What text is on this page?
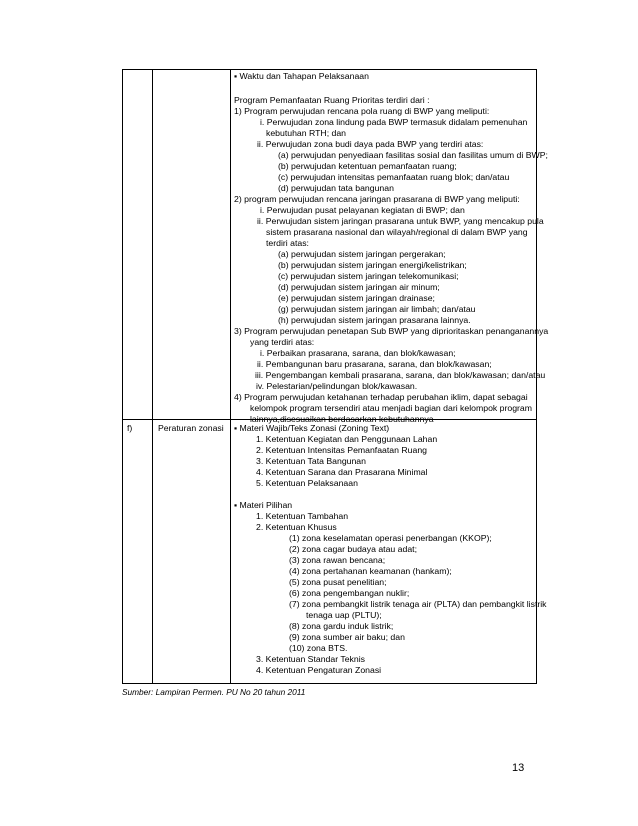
▪ Waktu dan Tahapan Pelaksanaan
Program Pemanfaatan Ruang Prioritas terdiri dari :
1) Program perwujudan rencana pola ruang di BWP yang meliputi:
i. Perwujudan zona lindung pada BWP termasuk didalam pemenuhan
kebutuhan RTH; dan
ii. Perwujudan zona budi daya pada BWP yang terdiri atas:
(a) perwujudan penyediaan fasilitas sosial dan fasilitas umum di BWP;
(b) perwujudan ketentuan pemanfaatan ruang;
(c) perwujudan intensitas pemanfaatan ruang blok; dan/atau
(d) perwujudan tata bangunan
2) program perwujudan rencana jaringan prasarana di BWP yang meliputi:
i. Perwujudan pusat pelayanan kegiatan di BWP; dan
ii. Perwujudan sistem jaringan prasarana untuk BWP, yang mencakup pula
sistem prasarana nasional dan wilayah/regional di dalam BWP yang
terdiri atas:
(a) perwujudan sistem jaringan pergerakan;
(b) perwujudan sistem jaringan energi/kelistrikan;
(c) perwujudan sistem jaringan telekomunikasi;
(d) perwujudan sistem jaringan air minum;
(e) perwujudan sistem jaringan drainase;
(g) perwujudan sistem jaringan air limbah; dan/atau
(h) perwujudan sistem jaringan prasarana lainnya.
3) Program perwujudan penetapan Sub BWP yang diprioritaskan penanganannya
yang terdiri atas:
i. Perbaikan prasarana, sarana, dan blok/kawasan;
ii. Pembangunan baru prasarana, sarana, dan blok/kawasan;
iii. Pengembangan kembali prasarana, sarana, dan blok/kawasan; dan/atau
iv. Pelestarian/pelindungan blok/kawasan.
4) Program perwujudan ketahanan terhadap perubahan iklim, dapat sebagai
kelompok program tersendiri atau menjadi bagian dari kelompok program
lainnya,disesuaikan berdasarkan kebutuhannya
f)	Peraturan zonasi ▪ Materi Wajib/Teks Zonasi (Zoning Text)
1. Ketentuan Kegiatan dan Penggunaan Lahan
2. Ketentuan Intensitas Pemanfaatan Ruang
3. Ketentuan Tata Bangunan
4. Ketentuan Sarana dan Prasarana Minimal
5. Ketentuan Pelaksanaan
▪ Materi Pilihan
1. Ketentuan Tambahan
2. Ketentuan Khusus
(1) zona keselamatan operasi penerbangan (KKOP);
(2) zona cagar budaya atau adat;
(3) zona rawan bencana;
(4) zona pertahanan keamanan (hankam);
(5) zona pusat penelitian;
(6) zona pengembangan nuklir;
(7) zona pembangkit listrik tenaga air (PLTA) dan pembangkit listrik
tenaga uap (PLTU);
(8) zona gardu induk listrik;
(9) zona sumber air baku; dan
(10) zona BTS.
3. Ketentuan Standar Teknis
4. Ketentuan Pengaturan Zonasi
Sumber: Lampiran Permen. PU No 20 tahun 2011
13
